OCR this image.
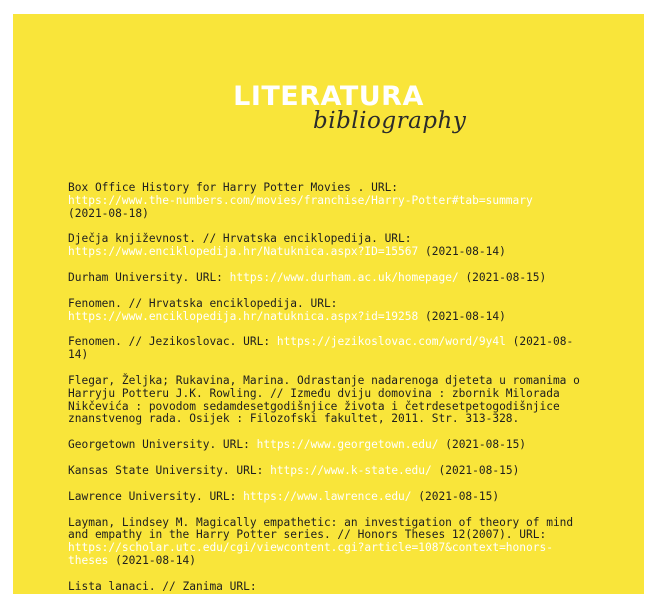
LITERATURA
bibliography
Box Office History for Harry Potter Movies . URL:
https://www.the-numbers.com/movies/franchise/Harry-Potter#tab=summary
(2021-08-18)
Dječja književnost. // Hrvatska enciklopedija. URL:
https://www.enciklopedija.hr/Natuknica.aspx?ID=15567 (2021-08-14)
Durham University. URL: https://www.durham.ac.uk/homepage/ (2021-08-15)
Fenomen. // Hrvatska enciklopedija. URL:
https://www.enciklopedija.hr/natuknica.aspx?id=19258 (2021-08-14)
Fenomen. // Jezikoslovac. URL: https://jezikoslovac.com/word/9y4l (2021-08-14)
Flegar, Željka; Rukavina, Marina. Odrastanje nadarenoga djeteta u romanima o Harryju Potteru J.K. Rowling. // Između dviju domovina : zbornik Milorada Nikčevića : povodom sedamdesetgodišnjice života i četrdesetpetogodišnjice znanstvenog rada. Osijek : Filozofski fakultet, 2011. Str. 313-328.
Georgetown University. URL: https://www.georgetown.edu/ (2021-08-15)
Kansas State University. URL: https://www.k-state.edu/ (2021-08-15)
Lawrence University. URL: https://www.lawrence.edu/ (2021-08-15)
Layman, Lindsey M. Magically empathetic: an investigation of theory of mind and empathy in the Harry Potter series. // Honors Theses 12(2007). URL:
https://scholar.utc.edu/cgi/viewcontent.cgi?article=1087&context=honors-theses (2021-08-14)
Lista lanaci. // Zanima URL:
